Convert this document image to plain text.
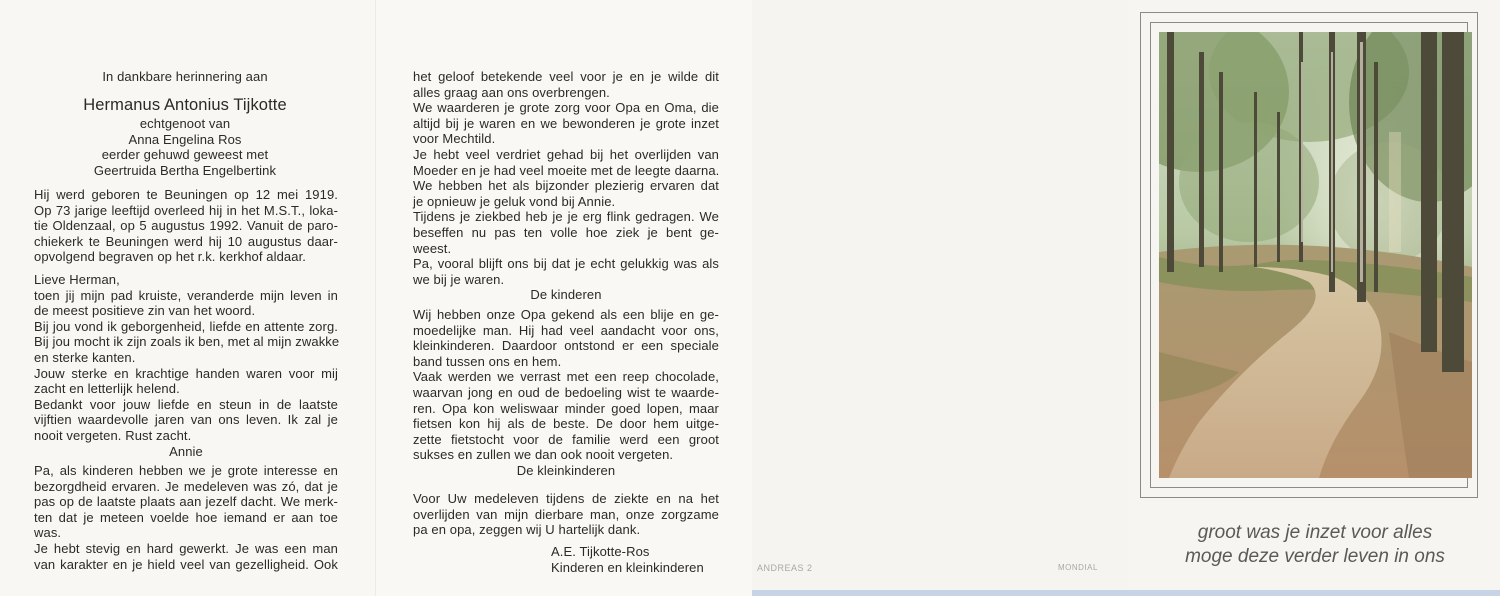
In dankbare herinnering aan
Hermanus Antonius Tijkotte
echtgenoot van
Anna Engelina Ros
eerder gehuwd geweest met
Geertruida Bertha Engelbertink
Hij werd geboren te Beuningen op 12 mei 1919.
Op 73 jarige leeftijd overleed hij in het M.S.T., loka-
tie Oldenzaal, op 5 augustus 1992. Vanuit de paro-
chiekerk te Beuningen werd hij 10 augustus daar-
opvolgend begraven op het r.k. kerkhof aldaar.
Lieve Herman,
toen jij mijn pad kruiste, veranderde mijn leven in
de meest positieve zin van het woord.
Bij jou vond ik geborgenheid, liefde en attente zorg.
Bij jou mocht ik zijn zoals ik ben, met al mijn zwakke
en sterke kanten.
Jouw sterke en krachtige handen waren voor mij
zacht en letterlijk helend.
Bedankt voor jouw liefde en steun in de laatste
vijftien waardevolle jaren van ons leven. Ik zal je
nooit vergeten. Rust zacht.
Annie
Pa, als kinderen hebben we je grote interesse en
bezorgdheid ervaren. Je medeleven was zó, dat je
pas op de laatste plaats aan jezelf dacht. We merk-
ten dat je meteen voelde hoe iemand er aan toe
was.
Je hebt stevig en hard gewerkt. Je was een man
van karakter en je hield veel van gezelligheid. Ook
het geloof betekende veel voor je en je wilde dit
alles graag aan ons overbrengen.
We waarderen je grote zorg voor Opa en Oma, die
altijd bij je waren en we bewonderen je grote inzet
voor Mechtild.
Je hebt veel verdriet gehad bij het overlijden van
Moeder en je had veel moeite met de leegte daarna.
We hebben het als bijzonder plezierig ervaren dat
je opnieuw je geluk vond bij Annie.
Tijdens je ziekbed heb je je erg flink gedragen. We
beseffen nu pas ten volle hoe ziek je bent ge-
weest.
Pa, vooral blijft ons bij dat je echt gelukkig was als
we bij je waren.
De kinderen
Wij hebben onze Opa gekend als een blije en ge-
moedelijke man. Hij had veel aandacht voor ons,
kleinkinderen. Daardoor ontstond er een speciale
band tussen ons en hem.
Vaak werden we verrast met een reep chocolade,
waarvan jong en oud de bedoeling wist te waarde-
ren. Opa kon weliswaar minder goed lopen, maar
fietsen kon hij als de beste. De door hem uitge-
zette fietstocht voor de familie werd een groot
sukses en zullen we dan ook nooit vergeten.
De kleinkinderen
Voor Uw medeleven tijdens de ziekte en na het
overlijden van mijn dierbare man, onze zorgzame
pa en opa, zeggen wij U hartelijk dank.
A.E. Tijkotte-Ros
Kinderen en kleinkinderen	ANDREAS 2	MONDIAL
groot was je inzet voor alles
moge deze verder leven in ons
